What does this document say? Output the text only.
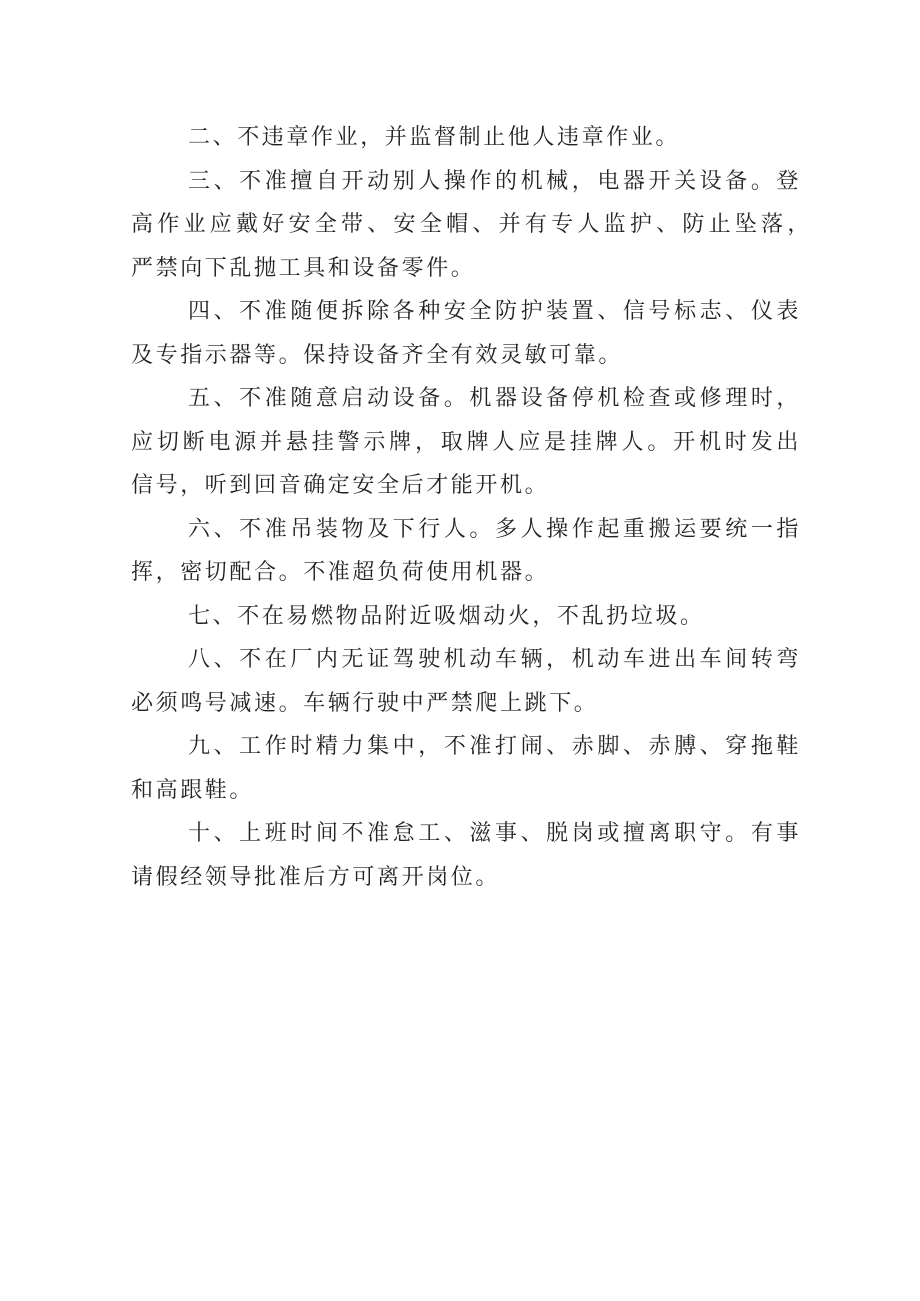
二、不违章作业，并监督制止他人违章作业。

三、不准擅自开动别人操作的机械，电器开关设备。登 高作业应戴好安全带、安全帽、并有专人监护、防止坠落，　严禁向下乱抛工具和设备零件。

四、不准随便拆除各种安全防护装置、信号标志、仪表 及专指示器等。保持设备齐全有效灵敏可靠。

五、不准随意启动设备。机器设备停机检查或修理时， 应切断电源并悬挂警示牌，取牌人应是挂牌人。开机时发出　信号，听到回音确定安全后才能开机。

六、不准吊装物及下行人。多人操作起重搬运要统一指 挥，密切配合。不准超负荷使用机器。

七、不在易燃物品附近吸烟动火，不乱扔垃圾。

八、不在厂内无证驾驶机动车辆，机动车进出车间转弯 必须鸣号减速。车辆行驶中严禁爬上跳下。

九、工作时精力集中，不准打闹、赤脚、赤膊、穿拖鞋 和高跟鞋。

十、上班时间不准怠工、滋事、脱岗或擅离职守。有事 请假经领导批准后方可离开岗位。
